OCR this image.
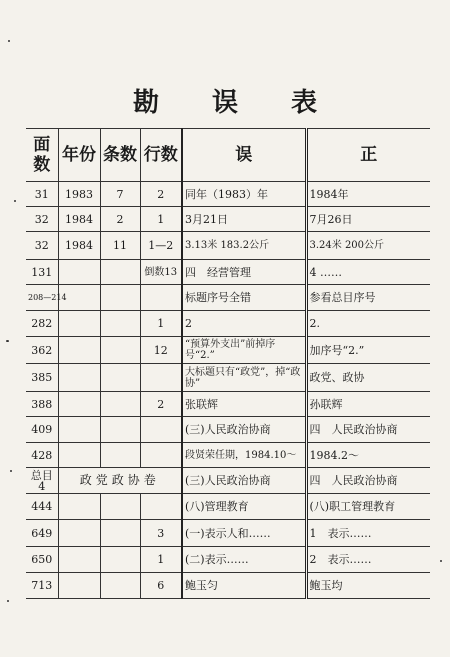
勘 误 表
面数	年份	条数	行数	误	正
31	1983	7	2	同年（1983）年	1984年
32	1984	2	1	3月21日	7月26日
32	1984	11	1—2	3.13米 183.2公斤	3.24米 200公斤
131			倒数13	四　经营管理	4 ……
208—214				标题序号全错	参看总目序号
282			1	2	2.
362			12	“预算外支出”前掉序号“2.”	加序号“2.”
385				大标题只有“政党”，掉“政协”	政党、政协
388			2	张联辉	孙联辉
409				(三)人民政治协商	四　人民政治协商
428				段贤荣任期，1984.10～	1984.2～
总目4	政党政协卷			(三)人民政治协商	四　人民政治协商
444				(八)管理教育	(八)职工管理教育
649			3	(一)表示人和……	1　表示……
650			1	(二)表示……	2　表示……
713			6	鲍玉匀	鲍玉均
